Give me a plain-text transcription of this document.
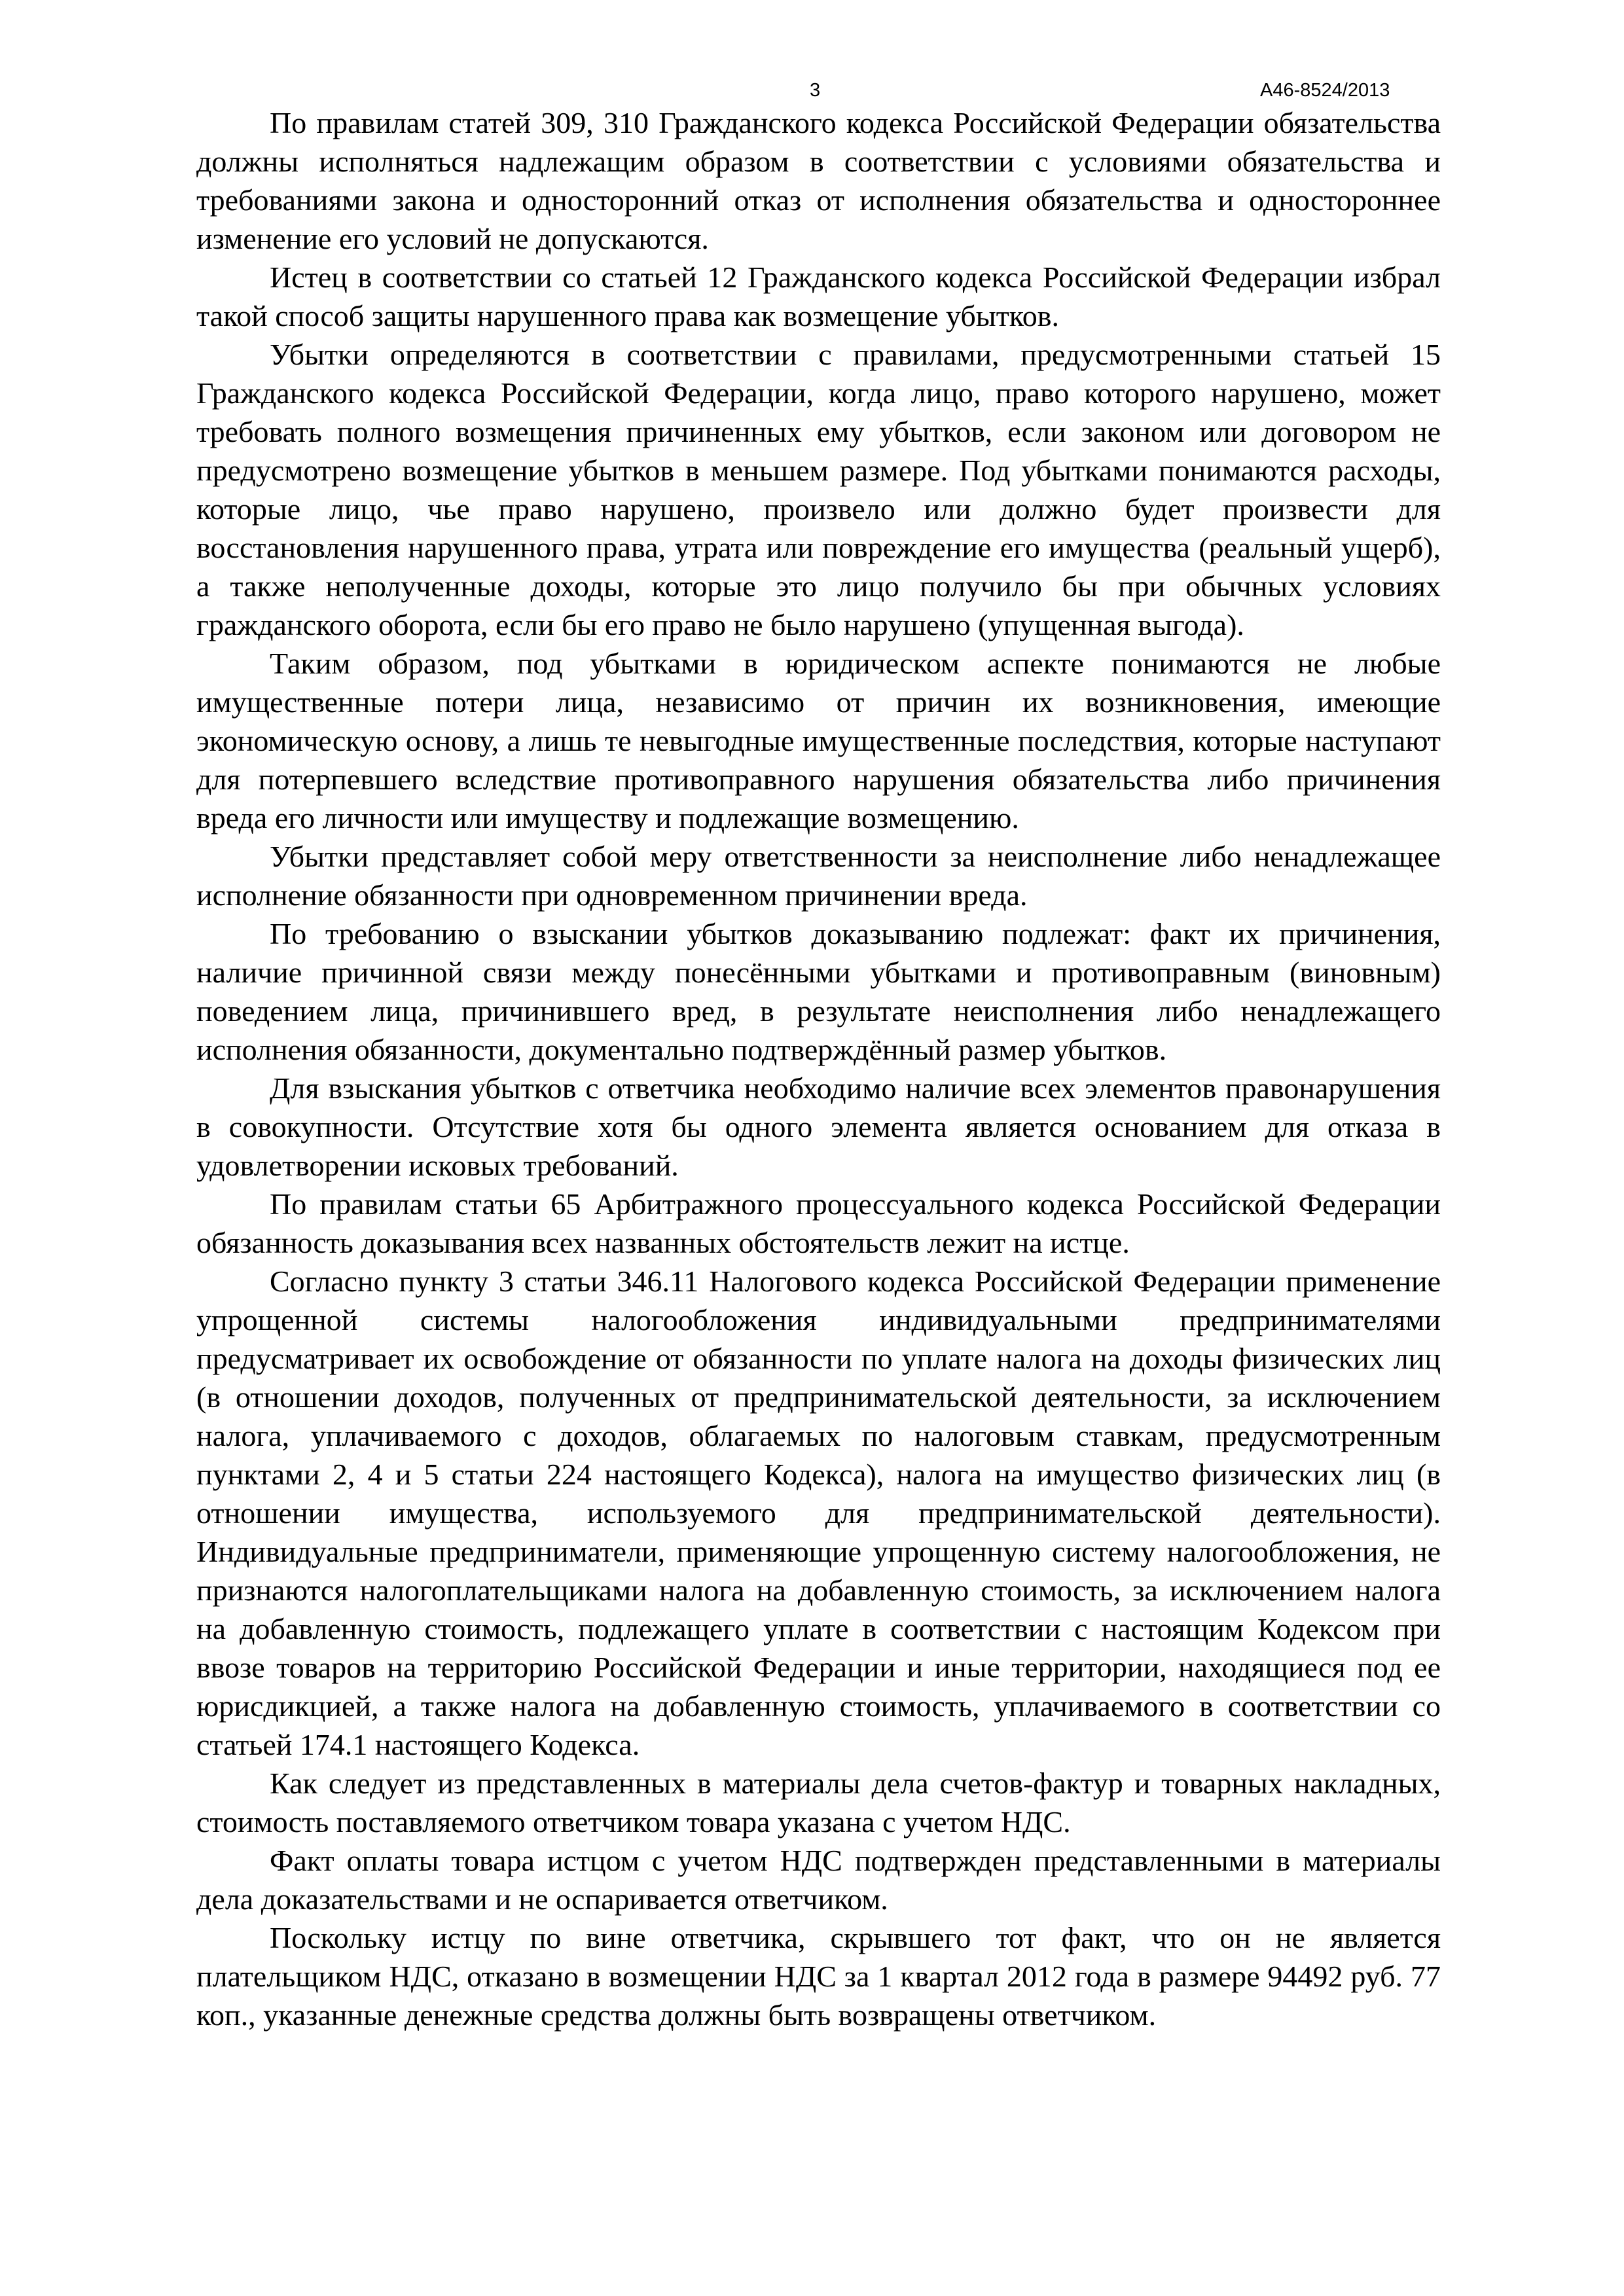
3	А46-8524/2013

По правилам статей 309, 310 Гражданского кодекса Российской Федерации обязательства должны исполняться надлежащим образом в соответствии с условиями обязательства и требованиями закона и односторонний отказ от исполнения обязательства и одностороннее изменение его условий не допускаются.

Истец в соответствии со статьей 12 Гражданского кодекса Российской Федерации избрал такой способ защиты нарушенного права как возмещение убытков.

Убытки определяются в соответствии с правилами, предусмотренными статьей 15 Гражданского кодекса Российской Федерации, когда лицо, право которого нарушено, может требовать полного возмещения причиненных ему убытков, если законом или договором не предусмотрено возмещение убытков в меньшем размере. Под убытками понимаются расходы, которые лицо, чье право нарушено, произвело или должно будет произвести для восстановления нарушенного права, утрата или повреждение его имущества (реальный ущерб), а также неполученные доходы, которые это лицо получило бы при обычных условиях гражданского оборота, если бы его право не было нарушено (упущенная выгода).

Таким образом, под убытками в юридическом аспекте понимаются не любые имущественные потери лица, независимо от причин их возникновения, имеющие экономическую основу, а лишь те невыгодные имущественные последствия, которые наступают для потерпевшего вследствие противоправного нарушения обязательства либо причинения вреда его личности или имуществу и подлежащие возмещению.

Убытки представляет собой меру ответственности за неисполнение либо ненадлежащее исполнение обязанности при одновременном причинении вреда.

По требованию о взыскании убытков доказыванию подлежат: факт их причинения, наличие причинной связи между понесёнными убытками и противоправным (виновным) поведением лица, причинившего вред, в результате неисполнения либо ненадлежащего исполнения обязанности, документально подтверждённый размер убытков.

Для взыскания убытков с ответчика необходимо наличие всех элементов правонарушения в совокупности. Отсутствие хотя бы одного элемента является основанием для отказа в удовлетворении исковых требований.

По правилам статьи 65 Арбитражного процессуального кодекса Российской Федерации обязанность доказывания всех названных обстоятельств лежит на истце.

Согласно пункту 3 статьи 346.11 Налогового кодекса Российской Федерации применение упрощенной системы налогообложения индивидуальными предпринимателями предусматривает их освобождение от обязанности по уплате налога на доходы физических лиц (в отношении доходов, полученных от предпринимательской деятельности, за исключением налога, уплачиваемого с доходов, облагаемых по налоговым ставкам, предусмотренным пунктами 2, 4 и 5 статьи 224 настоящего Кодекса), налога на имущество физических лиц (в отношении имущества, используемого для предпринимательской деятельности). Индивидуальные предприниматели, применяющие упрощенную систему налогообложения, не признаются налогоплательщиками налога на добавленную стоимость, за исключением налога на добавленную стоимость, подлежащего уплате в соответствии с настоящим Кодексом при ввозе товаров на территорию Российской Федерации и иные территории, находящиеся под ее юрисдикцией, а также налога на добавленную стоимость, уплачиваемого в соответствии со статьей 174.1 настоящего Кодекса.

Как следует из представленных в материалы дела счетов-фактур и товарных накладных, стоимость поставляемого ответчиком товара указана с учетом НДС.

Факт оплаты товара истцом с учетом НДС подтвержден представленными в материалы дела доказательствами и не оспаривается ответчиком.

Поскольку истцу по вине ответчика, скрывшего тот факт, что он не является плательщиком НДС, отказано в возмещении НДС за 1 квартал 2012 года в размере 94492 руб. 77 коп., указанные денежные средства должны быть возвращены ответчиком.
